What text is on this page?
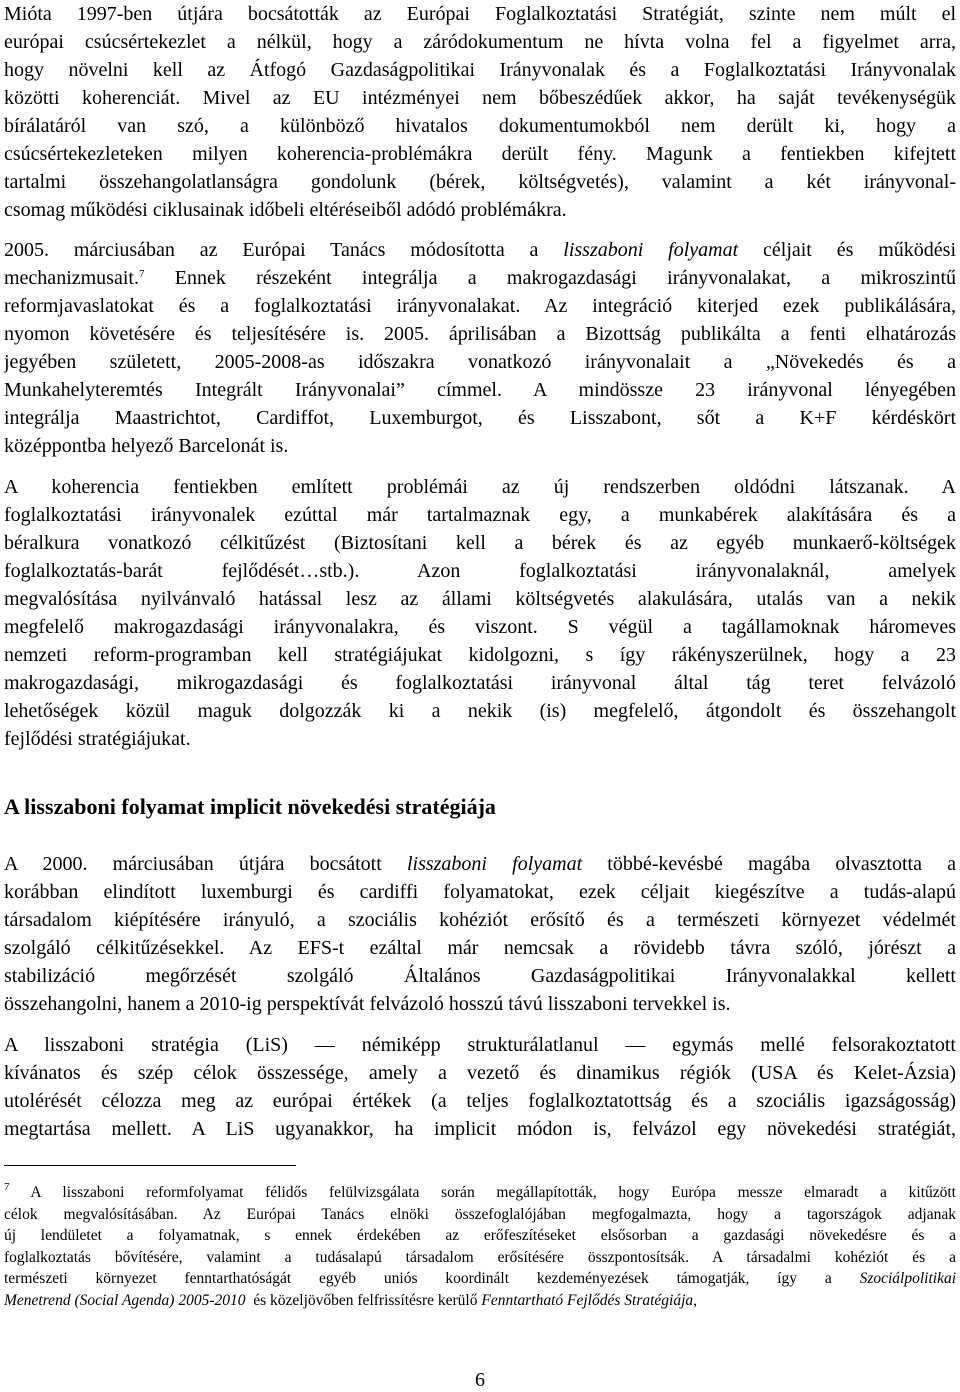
Mióta 1997-ben útjára bocsátották az Európai Foglalkoztatási Stratégiát, szinte nem múlt el
európai csúcsértekezlet a nélkül, hogy a záródokumentum ne hívta volna fel a figyelmet arra,
hogy növelni kell az Átfogó Gazdaságpolitikai Irányvonalak és a Foglalkoztatási Irányvonalak
közötti koherenciát. Mivel az EU intézményei nem bőbeszédűek akkor, ha saját tevékenységük
bírálatáról van szó, a különböző hivatalos dokumentumokból nem derült ki, hogy a
csúcsértekezleteken milyen koherencia-problémákra derült fény. Magunk a fentiekben kifejtett
tartalmi összehangolatlanságra gondolunk (bérek, költségvetés), valamint a két irányvonal-
csomag működési ciklusainak időbeli eltéréseiből adódó problémákra.
2005. márciusában az Európai Tanács módosította a lisszaboni folyamat céljait és működési
mechanizmusait.$^7$ Ennek részeként integrálja a makrogazdasági irányvonalakat, a mikroszintű
reformjavaslatokat és a foglalkoztatási irányvonalakat. Az integráció kiterjed ezek publikálására,
nyomon követésére és teljesítésére is. 2005. áprilisában a Bizottság publikálta a fenti elhatározás
jegyében született, 2005-2008-as időszakra vonatkozó irányvonalait a „Növekedés és a
Munkahelyteremtés Integrált Irányvonalai” címmel. A mindössze 23 irányvonal lényegében
integrálja Maastrichtot, Cardiffot, Luxemburgot, és Lisszabont, sőt a K+F kérdéskört
középpontba helyező Barcelonát is.
A koherencia fentiekben említett problémái az új rendszerben oldódni látszanak. A
foglalkoztatási irányvonalek ezúttal már tartalmaznak egy, a munkabérek alakítására és a
béralkura vonatkozó célkitűzést (Biztosítani kell a bérek és az egyéb munkaerő-költségek
foglalkoztatás-barát fejlődését…stb.). Azon foglalkoztatási irányvonalaknál, amelyek
megvalósítása nyilvánvaló hatással lesz az állami költségvetés alakulására, utalás van a nekik
megfelelő makrogazdasági irányvonalakra, és viszont. S végül a tagállamoknak háromeves
nemzeti reform-programban kell stratégiájukat kidolgozni, s így rákényszerülnek, hogy a 23
makrogazdasági, mikrogazdasági és foglalkoztatási irányvonal által tág teret felvázoló
lehetőségek közül maguk dolgozzák ki a nekik (is) megfelelő, átgondolt és összehangolt
fejlődési stratégiájukat.
A lisszaboni folyamat implicit növekedési stratégiája
A 2000. márciusában útjára bocsátott lisszaboni folyamat többé-kevésbé magába olvasztotta a
korábban elindított luxemburgi és cardiffi folyamatokat, ezek céljait kiegészítve a tudás-alapú
társadalom kiépítésére irányuló, a szociális kohéziót erősítő és a természeti környezet védelmét
szolgáló célkitűzésekkel. Az EFS-t ezáltal már nemcsak a rövidebb távra szóló, jórészt a
stabilizáció megőrzését szolgáló Általános Gazdaságpolitikai Irányvonalakkal kellett
összehangolni, hanem a 2010-ig perspektívát felvázoló hosszú távú lisszaboni tervekkel is.
A lisszaboni stratégia (LiS) ― némiképp strukturálatlanul ― egymás mellé felsorakoztatott
kívánatos és szép célok összessége, amely a vezető és dinamikus régiók (USA és Kelet-Ázsia)
utolérését célozza meg az európai értékek (a teljes foglalkoztatottság és a szociális igazságosság)
megtartása mellett. A LiS ugyanakkor, ha implicit módon is, felvázol egy növekedési stratégiát,
$^7$ A lisszaboni reformfolyamat félidős felülvizsgálata során megállapították, hogy Európa messze elmaradt a kitűzött
célok megvalósításában. Az Európai Tanács elnöki összefoglalójában megfogalmazta, hogy a tagországok adjanak
új lendületet a folyamatnak, s ennek érdekében az erőfeszítéseket elsősorban a gazdasági növekedésre és a
foglalkoztatás bővítésére, valamint a tudásalapú társadalom erősítésére összpontosítsák. A társadalmi kohéziót és a
természeti környezet fenntarthatóságát egyéb uniós koordinált kezdeményezések támogatják, így a Szociálpolitikai
Menetrend (Social Agenda) 2005-2010  és közeljövőben felfrissítésre kerülő Fenntartható Fejlődés Stratégiája,
6
